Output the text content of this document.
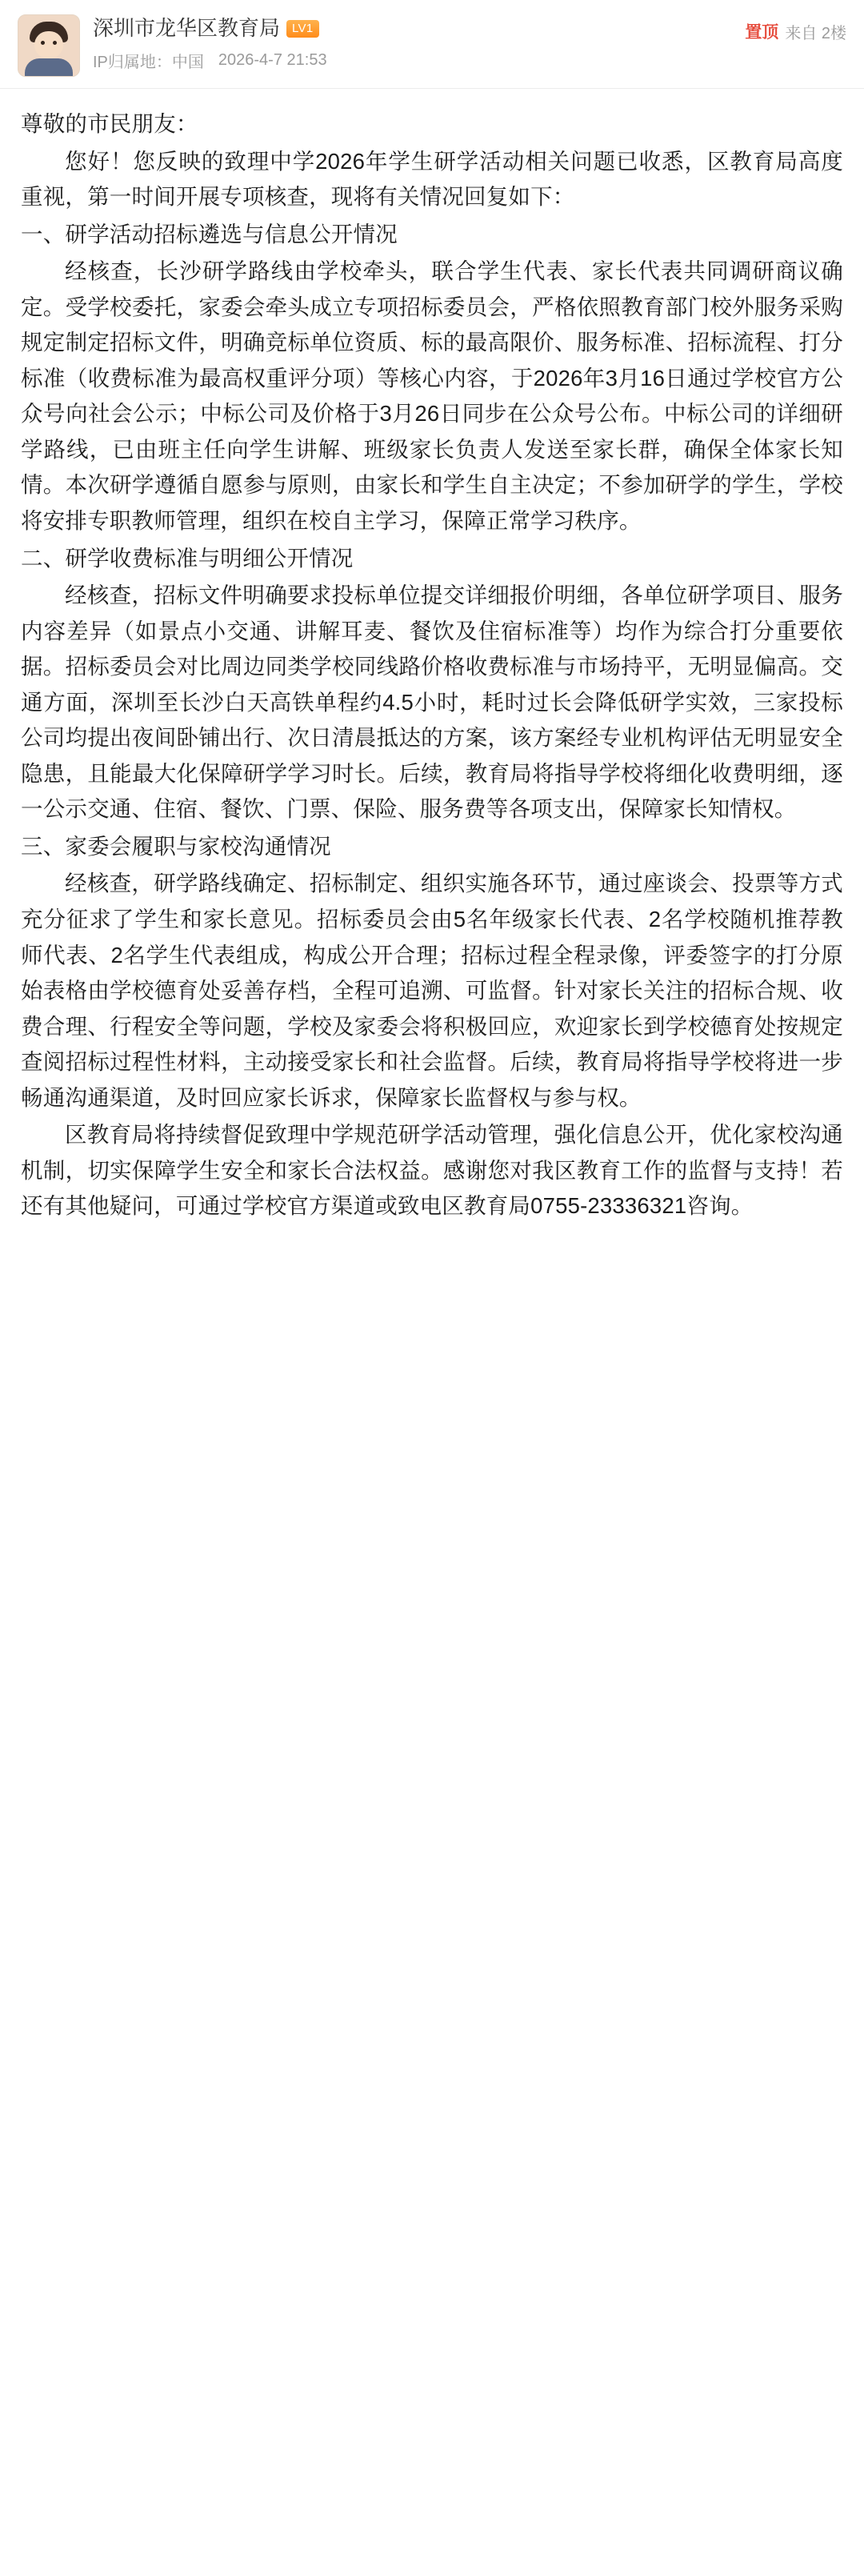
深圳市龙华区教育局	LV1
IP归属地：中国 2026-4-7 21:53
置顶 来自 2楼

尊敬的市民朋友：

您好！您反映的致理中学2026年学生研学活动相关问题已收悉，区教育局高度重视，第一时间开展专项核查，现将有关情况回复如下：

一、研学活动招标遴选与信息公开情况

经核查，长沙研学路线由学校牵头，联合学生代表、家长代表共同调研商议确定。受学校委托，家委会牵头成立专项招标委员会，严格依照教育部门校外服务采购规定制定招标文件，明确竞标单位资质、标的最高限价、服务标准、招标流程、打分标准（收费标准为最高权重评分项）等核心内容，于2026年3月16日通过学校官方公众号向社会公示；中标公司及价格于3月26日同步在公众号公布。中标公司的详细研学路线，已由班主任向学生讲解、班级家长负责人发送至家长群，确保全体家长知情。本次研学遵循自愿参与原则，由家长和学生自主决定；不参加研学的学生，学校将安排专职教师管理，组织在校自主学习，保障正常学习秩序。

二、研学收费标准与明细公开情况

经核查，招标文件明确要求投标单位提交详细报价明细，各单位研学项目、服务内容差异（如景点小交通、讲解耳麦、餐饮及住宿标准等）均作为综合打分重要依据。招标委员会对比周边同类学校同线路价格收费标准与市场持平，无明显偏高。交通方面，深圳至长沙白天高铁单程约4.5小时，耗时过长会降低研学实效，三家投标公司均提出夜间卧铺出行、次日清晨抵达的方案，该方案经专业机构评估无明显安全隐患，且能最大化保障研学学习时长。后续，教育局将指导学校将细化收费明细，逐一公示交通、住宿、餐饮、门票、保险、服务费等各项支出，保障家长知情权。

三、家委会履职与家校沟通情况

经核查，研学路线确定、招标制定、组织实施各环节，通过座谈会、投票等方式充分征求了学生和家长意见。招标委员会由5名年级家长代表、2名学校随机推荐教师代表、2名学生代表组成，构成公开合理；招标过程全程录像，评委签字的打分原始表格由学校德育处妥善存档，全程可追溯、可监督。针对家长关注的招标合规、收费合理、行程安全等问题，学校及家委会将积极回应，欢迎家长到学校德育处按规定查阅招标过程性材料，主动接受家长和社会监督。后续，教育局将指导学校将进一步畅通沟通渠道，及时回应家长诉求，保障家长监督权与参与权。

区教育局将持续督促致理中学规范研学活动管理，强化信息公开，优化家校沟通机制，切实保障学生安全和家长合法权益。感谢您对我区教育工作的监督与支持！若还有其他疑问，可通过学校官方渠道或致电区教育局0755-23336321咨询。
